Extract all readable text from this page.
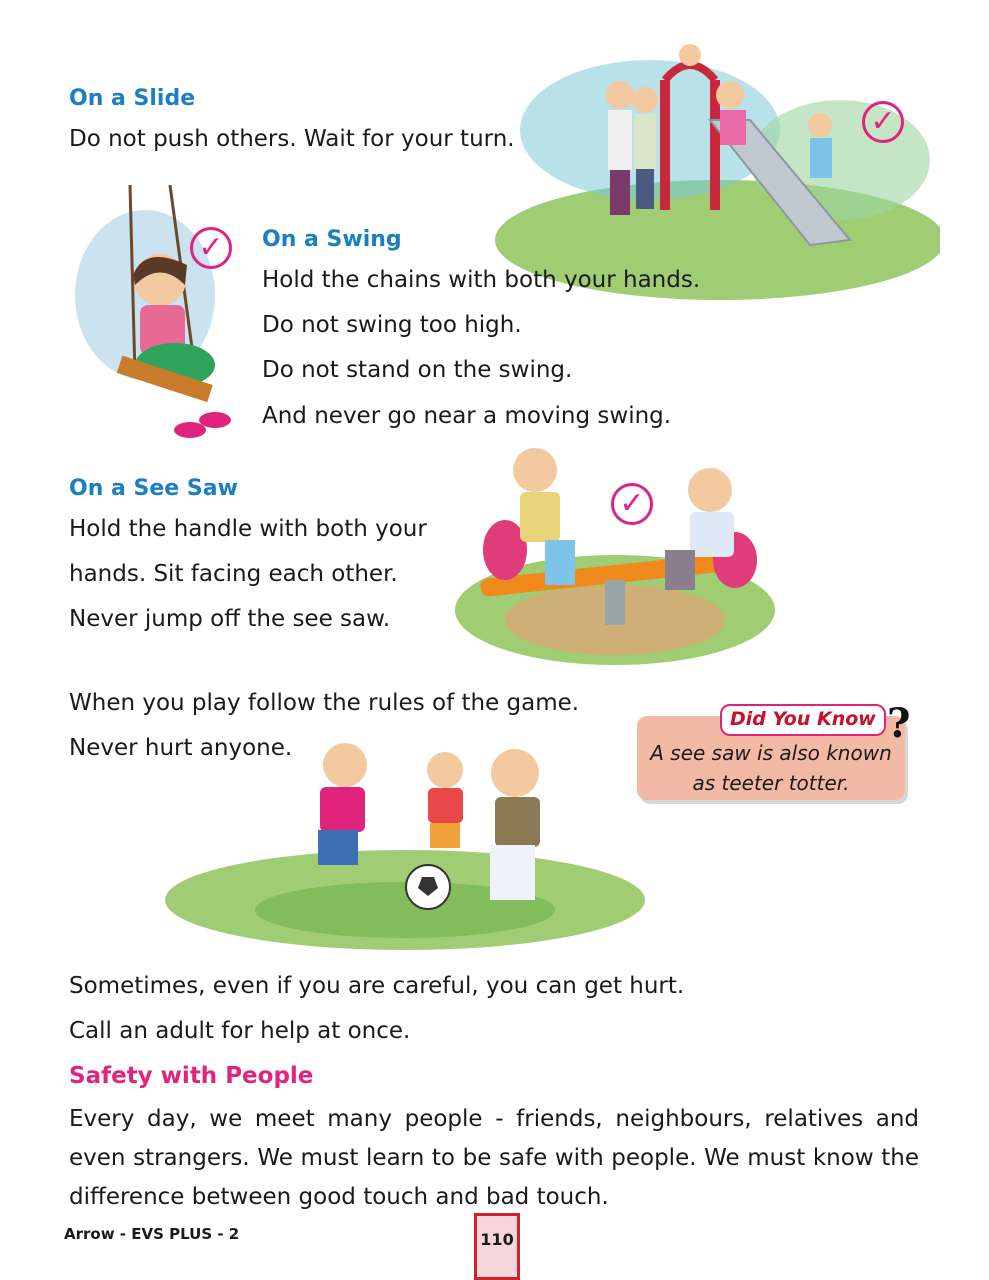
On a Slide
Do not push others. Wait for your turn.	✓
✓	On a Swing
Hold the chains with both your hands.
Do not swing too high.
Do not stand on the swing.
And never go near a moving swing.
On a See Saw
Hold the handle with both your
hands. Sit facing each other.
Never jump off the see saw.
✓
When you play follow the rules of the game.
Never hurt anyone.
Did You Know ?
A see saw is also known
as teeter totter.
Sometimes, even if you are careful, you can get hurt.
Call an adult for help at once.
Safety with People
Every day, we meet many people - friends, neighbours, relatives and even strangers. We must learn to be safe with people. We must know the difference between good touch and bad touch.
Arrow - EVS PLUS - 2	110
